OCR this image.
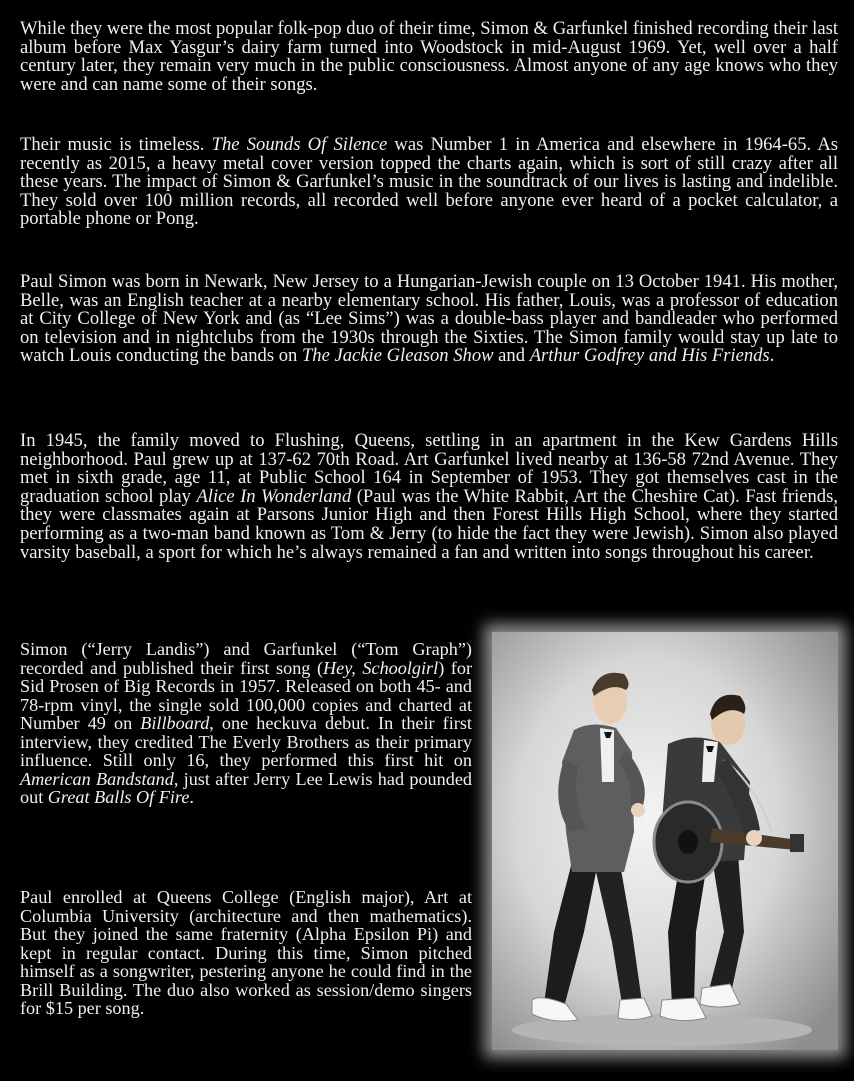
While they were the most popular folk-pop duo of their time, Simon & Garfunkel finished recording their last album before Max Yasgur’s dairy farm turned into Woodstock in mid-August 1969. Yet, well over a half century later, they remain very much in the public consciousness. Almost anyone of any age knows who they were and can name some of their songs.

Their music is timeless. The Sounds Of Silence was Number 1 in America and elsewhere in 1964-65. As recently as 2015, a heavy metal cover version topped the charts again, which is sort of still crazy after all these years. The impact of Simon & Garfunkel’s music in the soundtrack of our lives is lasting and indelible. They sold over 100 million records, all recorded well before anyone ever heard of a pocket calculator, a portable phone or Pong.

Paul Simon was born in Newark, New Jersey to a Hungarian-Jewish couple on 13 October 1941. His mother, Belle, was an English teacher at a nearby elementary school. His father, Louis, was a professor of education at City College of New York and (as “Lee Sims”) was a double-bass player and bandleader who performed on television and in nightclubs from the 1930s through the Sixties. The Simon family would stay up late to watch Louis conducting the bands on The Jackie Gleason Show and Arthur Godfrey and His Friends.

In 1945, the family moved to Flushing, Queens, settling in an apartment in the Kew Gardens Hills neighborhood. Paul grew up at 137-62 70th Road. Art Garfunkel lived nearby at 136-58 72nd Avenue. They met in sixth grade, age 11, at Public School 164 in September of 1953. They got themselves cast in the graduation school play Alice In Wonderland (Paul was the White Rabbit, Art the Cheshire Cat). Fast friends, they were classmates again at Parsons Junior High and then Forest Hills High School, where they started performing as a two-man band known as Tom & Jerry (to hide the fact they were Jewish). Simon also played varsity baseball, a sport for which he’s always remained a fan and written into songs throughout his career.

Simon (“Jerry Landis”) and Garfunkel (“Tom Graph”) recorded and published their first song (Hey, Schoolgirl) for Sid Prosen of Big Records in 1957. Released on both 45- and 78-rpm vinyl, the single sold 100,000 copies and charted at Number 49 on Billboard, one heckuva debut. In their first interview, they credited The Everly Brothers as their primary influence. Still only 16, they performed this first hit on American Bandstand, just after Jerry Lee Lewis had pounded out Great Balls Of Fire.

Paul enrolled at Queens College (English major), Art at Columbia University (architecture and then mathematics). But they joined the same fraternity (Alpha Epsilon Pi) and kept in regular contact. During this time, Simon pitched himself as a songwriter, pestering anyone he could find in the Brill Building. The duo also worked as session/demo singers for $15 per song.
